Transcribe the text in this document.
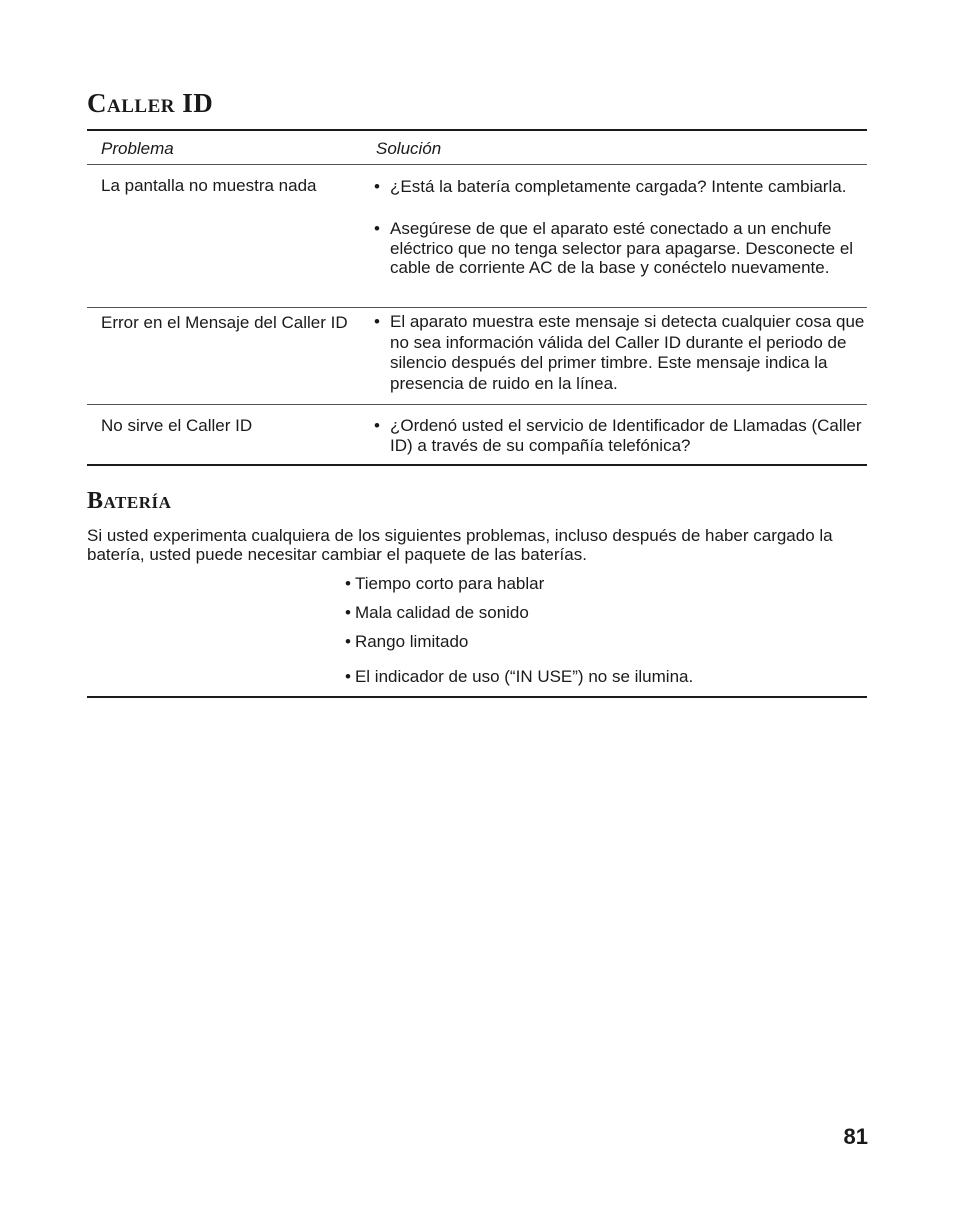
Caller ID
Problema	Solución
La pantalla no muestra nada	• ¿Está la batería completamente cargada? Intente cambiarla.
• Asegúrese de que el aparato esté conectado a un enchufe eléctrico que no tenga selector para apagarse. Desconecte el cable de corriente AC de la base y conéctelo nuevamente.
Error en el Mensaje del Caller ID • El aparato muestra este mensaje si detecta cualquier cosa que no sea información válida del Caller ID durante el periodo de silencio después del primer timbre. Este mensaje indica la presencia de ruido en la línea.
No sirve el Caller ID	• ¿Ordenó usted el servicio de Identificador de Llamadas (Caller ID) a través de su compañía telefónica?
Batería

Si usted experimenta cualquiera de los siguientes problemas, incluso después de haber cargado la batería, usted puede necesitar cambiar el paquete de las baterías.

• Tiempo corto para hablar
• Mala calidad de sonido
• Rango limitado
• El indicador de uso (“IN USE”) no se ilumina.
81
